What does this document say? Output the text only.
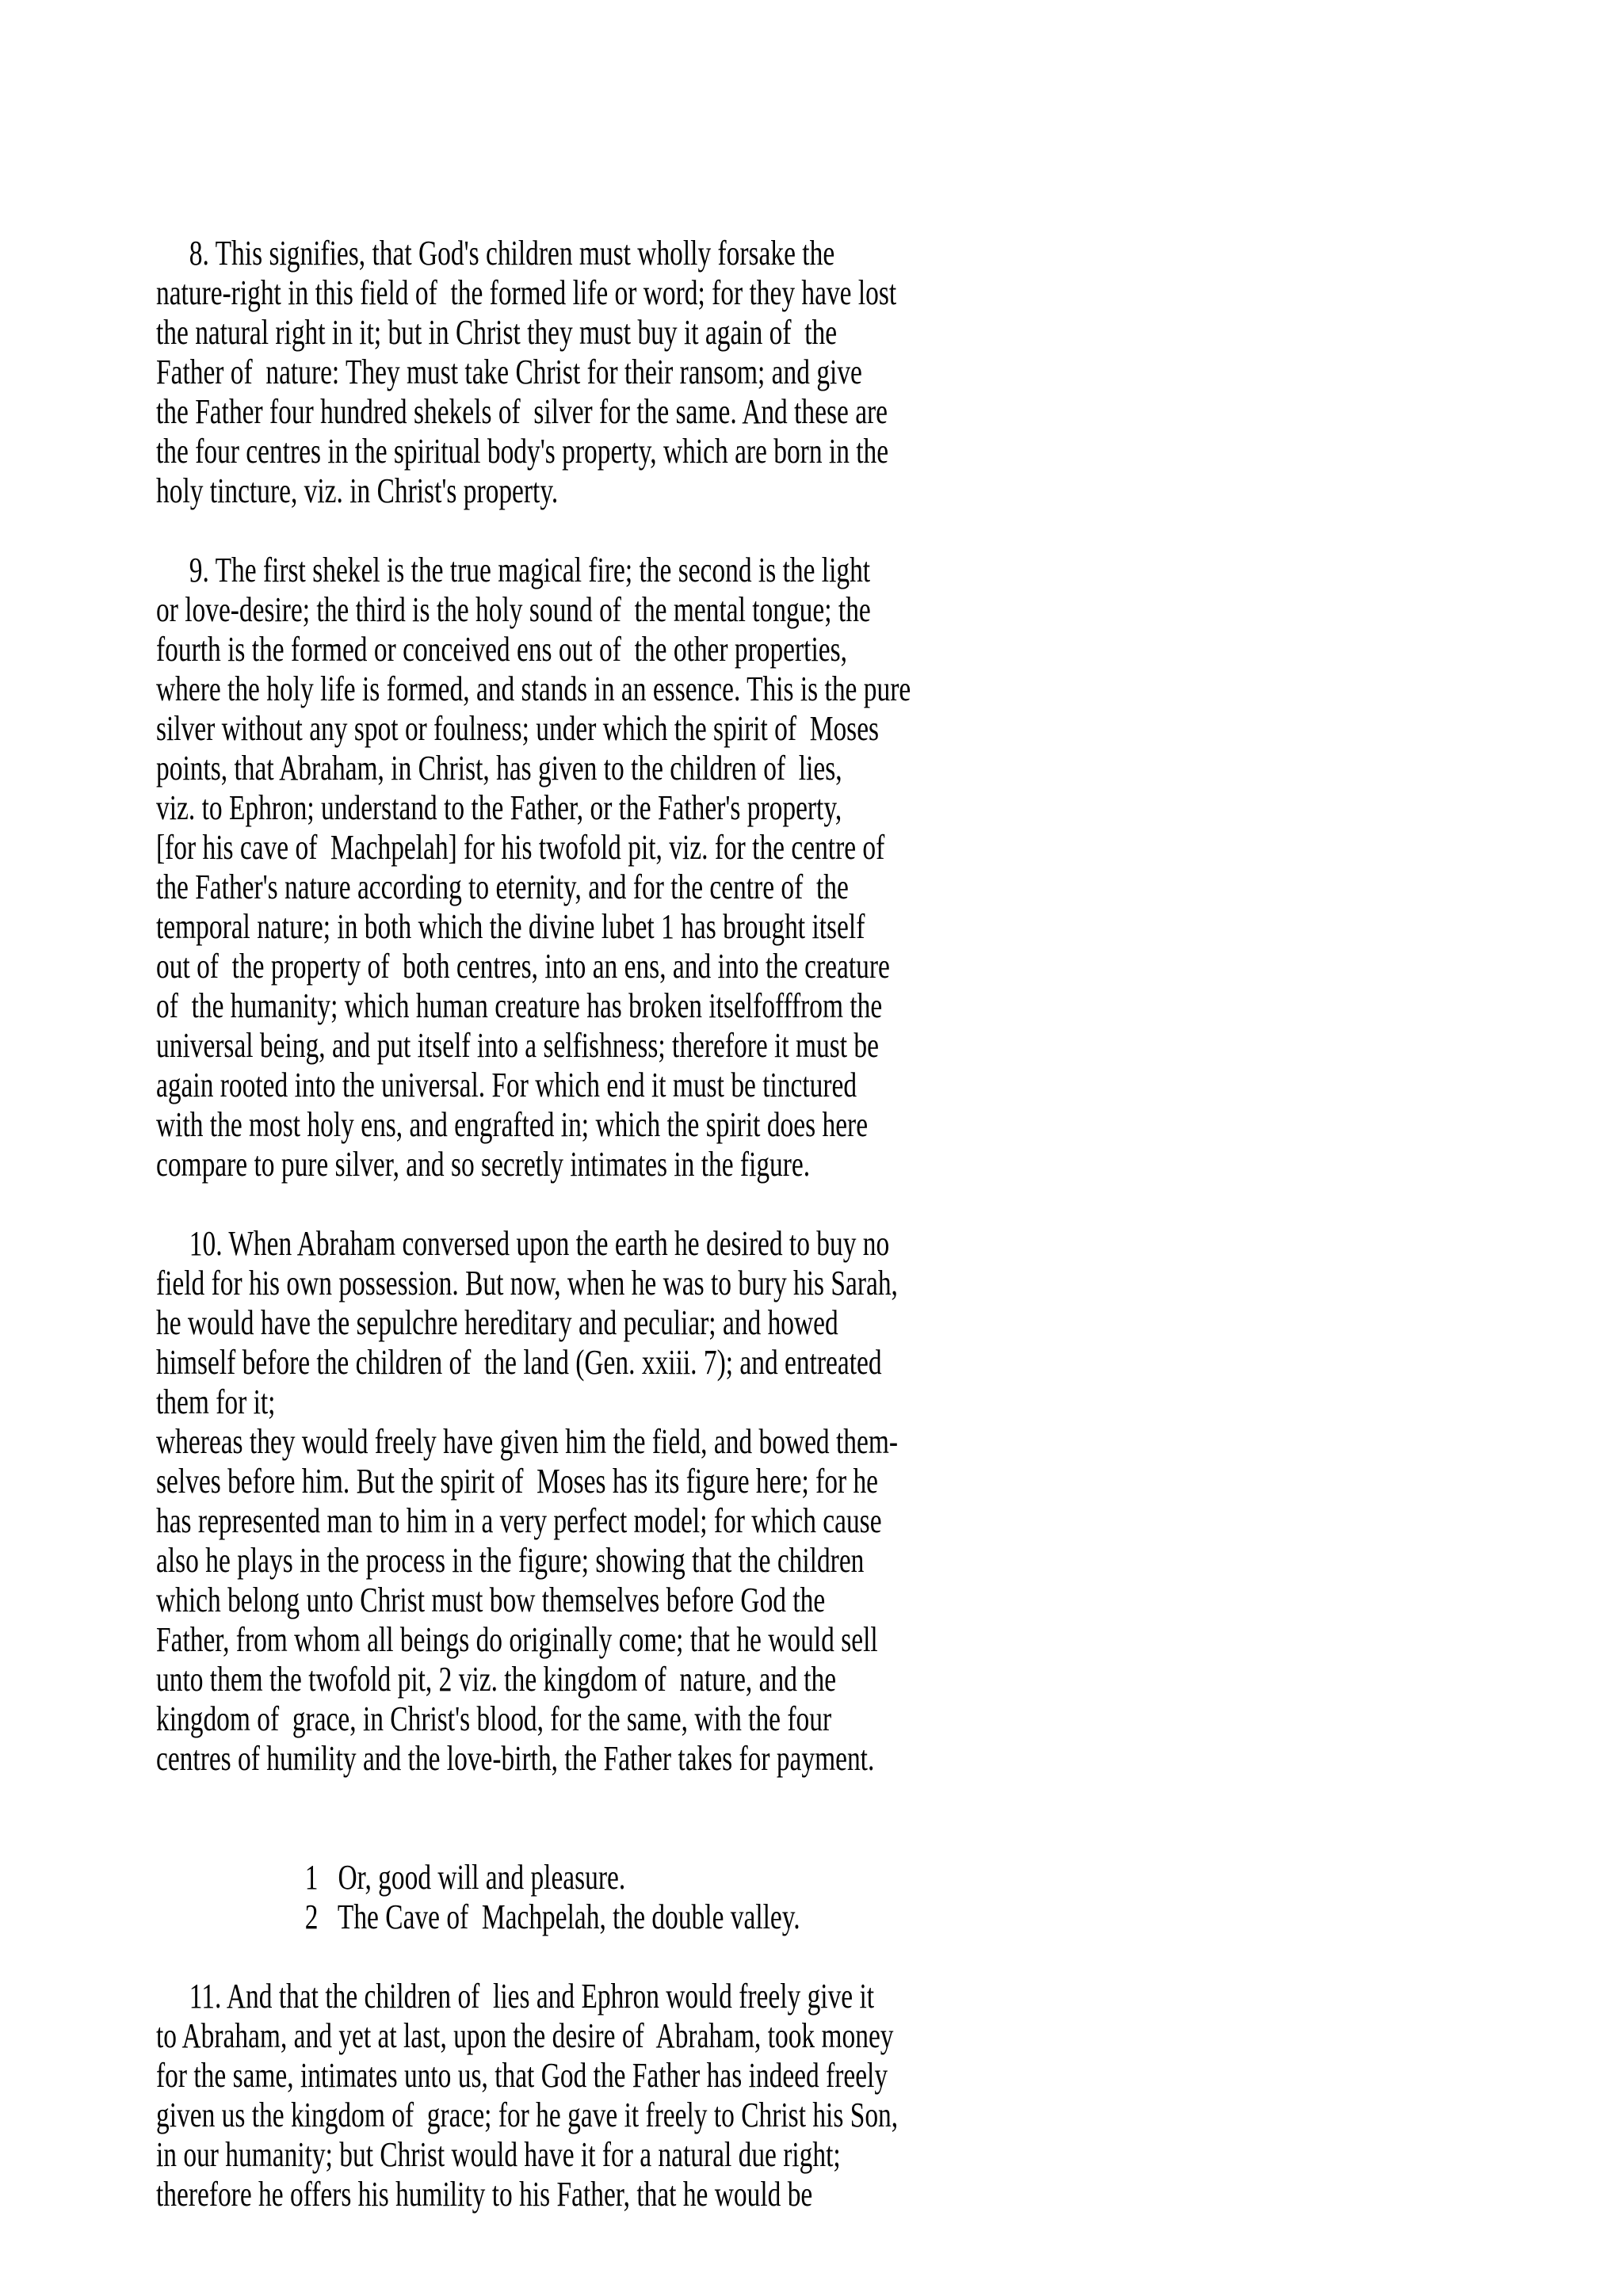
8. This signifies, that God's children must wholly forsake the
nature-right in this field of  the formed life or word; for they have lost
the natural right in it; but in Christ they must buy it again of  the
Father of  nature: They must take Christ for their ransom; and give
the Father four hundred shekels of  silver for the same. And these are
the four centres in the spiritual body's property, which are born in the
holy tincture, viz. in Christ's property.
9. The first shekel is the true magical fire; the second is the light
or love-desire; the third is the holy sound of  the mental tongue; the
fourth is the formed or conceived ens out of  the other properties,
where the holy life is formed, and stands in an essence. This is the pure
silver without any spot or foulness; under which the spirit of  Moses
points, that Abraham, in Christ, has given to the children of  lies,
viz. to Ephron; understand to the Father, or the Father's property,
[for his cave of  Machpelah] for his twofold pit, viz. for the centre of
the Father's nature according to eternity, and for the centre of  the
temporal nature; in both which the divine lubet 1 has brought itself
out of  the property of  both centres, into an ens, and into the creature
of  the humanity; which human creature has broken itselfofffrom the
universal being, and put itself into a selfishness; therefore it must be
again rooted into the universal. For which end it must be tinctured
with the most holy ens, and engrafted in; which the spirit does here
compare to pure silver, and so secretly intimates in the figure.
10. When Abraham conversed upon the earth he desired to buy no
field for his own possession. But now, when he was to bury his Sarah,
he would have the sepulchre hereditary and peculiar; and howed
himself before the children of  the land (Gen. xxiii. 7); and entreated
them for it;
whereas they would freely have given him the field, and bowed them-
selves before him. But the spirit of  Moses has its figure here; for he
has represented man to him in a very perfect model; for which cause
also he plays in the process in the figure; showing that the children
which belong unto Christ must bow themselves before God the
Father, from whom all beings do originally come; that he would sell
unto them the twofold pit, 2 viz. the kingdom of  nature, and the
kingdom of  grace, in Christ's blood, for the same, with the four
centres of humility and the love-birth, the Father takes for payment.
1   Or, good will and pleasure.
2   The Cave of  Machpelah, the double valley.
11. And that the children of  lies and Ephron would freely give it
to Abraham, and yet at last, upon the desire of  Abraham, took money
for the same, intimates unto us, that God the Father has indeed freely
given us the kingdom of  grace; for he gave it freely to Christ his Son,
in our humanity; but Christ would have it for a natural due right;
therefore he offers his humility to his Father, that he would be
